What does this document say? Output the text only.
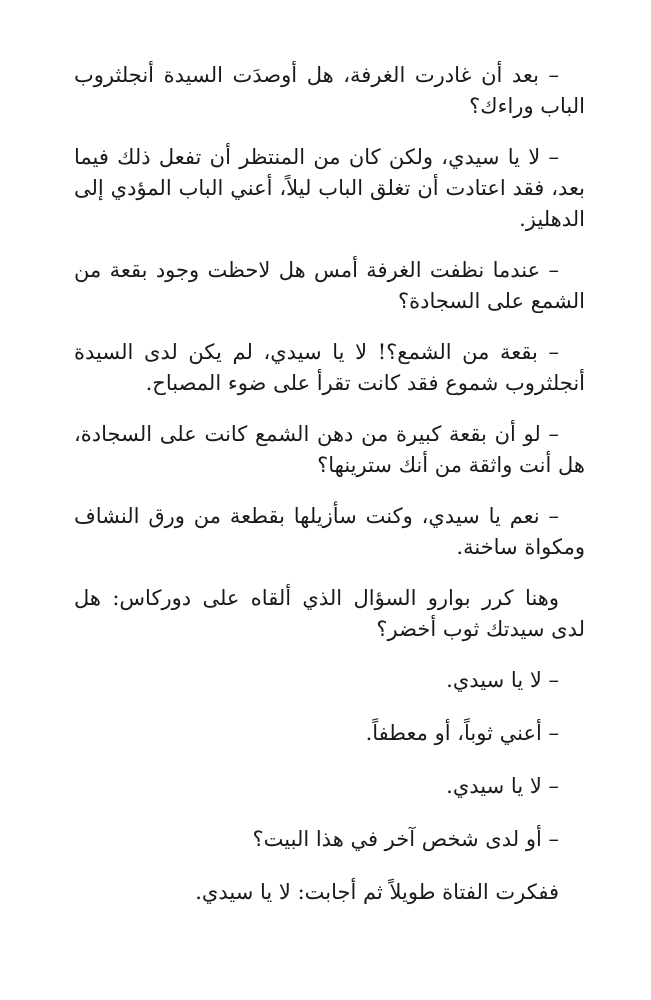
– بعد أن غادرت الغرفة، هل أوصدَت السيدة أنجلثروب الباب وراءك؟

– لا يا سيدي، ولكن كان من المنتظر أن تفعل ذلك فيما بعد، فقد اعتادت أن تغلق الباب ليلاً، أعني الباب المؤدي إلى الدهليز.

– عندما نظفت الغرفة أمس هل لاحظت وجود بقعة من الشمع على السجادة؟

– بقعة من الشمع؟! لا يا سيدي، لم يكن لدى السيدة أنجلثروب شموع فقد كانت تقرأ على ضوء المصباح.

– لو أن بقعة كبيرة من دهن الشمع كانت على السجادة، هل أنت واثقة من أنك سترينها؟

– نعم يا سيدي، وكنت سأزيلها بقطعة من ورق النشاف ومكواة ساخنة.

وهنا كرر بوارو السؤال الذي ألقاه على دوركاس: هل لدى سيدتك ثوب أخضر؟

– لا يا سيدي.

– أعني ثوباً، أو معطفاً.

– لا يا سيدي.

– أو لدى شخص آخر في هذا البيت؟

ففكرت الفتاة طويلاً ثم أجابت: لا يا سيدي.
